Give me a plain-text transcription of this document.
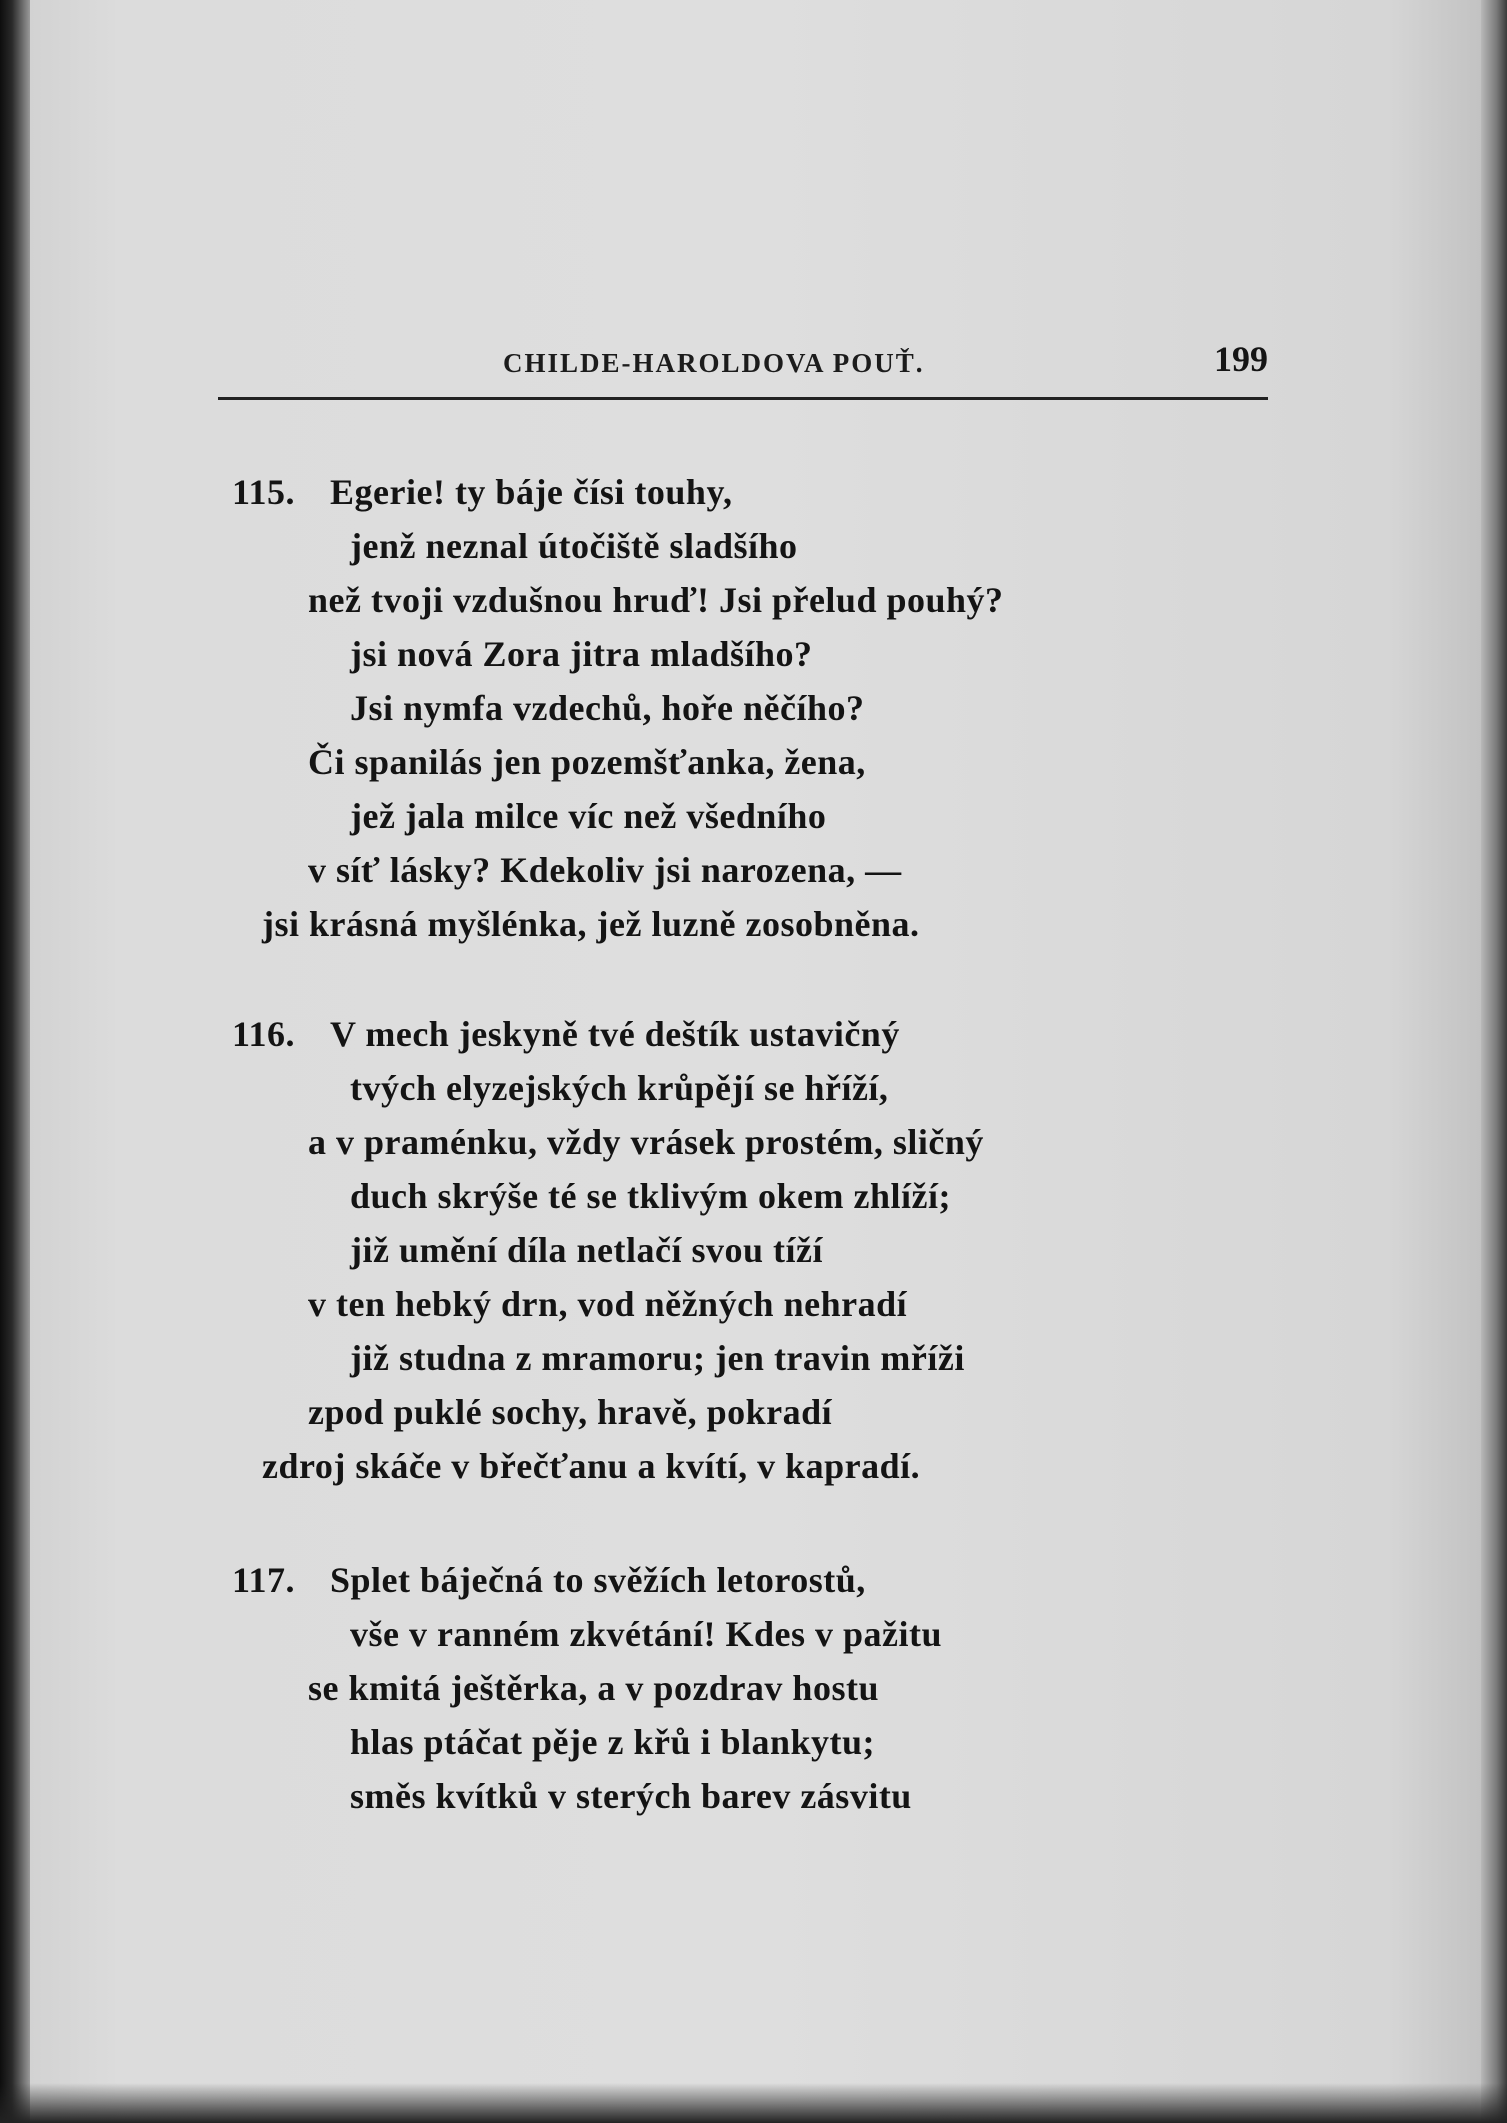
CHILDE-HAROLDOVA POUŤ.	199
115. Egerie! ty báje čísi touhy,
jenž neznal útočiště sladšího
než tvoji vzdušnou hruď! Jsi přelud pouhý?
jsi nová Zora jitra mladšího?
Jsi nymfa vzdechů, hoře něčího?
Či spanilás jen pozemšťanka, žena,
jež jala milce víc než všedního
v síť lásky? Kdekoliv jsi narozena, —
jsi krásná myšlénka, jež luzně zosobněna.
116. V mech jeskyně tvé deštík ustavičný
tvých elyzejských krůpějí se hříží,
a v praménku, vždy vrásek prostém, sličný
duch skrýše té se tklivým okem zhlíží;
již umění díla netlačí svou tíží
v ten hebký drn, vod něžných nehradí
již studna z mramoru; jen travin mříži
zpod puklé sochy, hravě, pokradí
zdroj skáče v břečťanu a kvítí, v kapradí.
117. Splet báječná to svěžích letorostů,
vše v ranném zkvétání! Kdes v pažitu
se kmitá ještěrka, a v pozdrav hostu
hlas ptáčat pěje z křů i blankytu;
směs kvítků v sterých barev zásvitu
